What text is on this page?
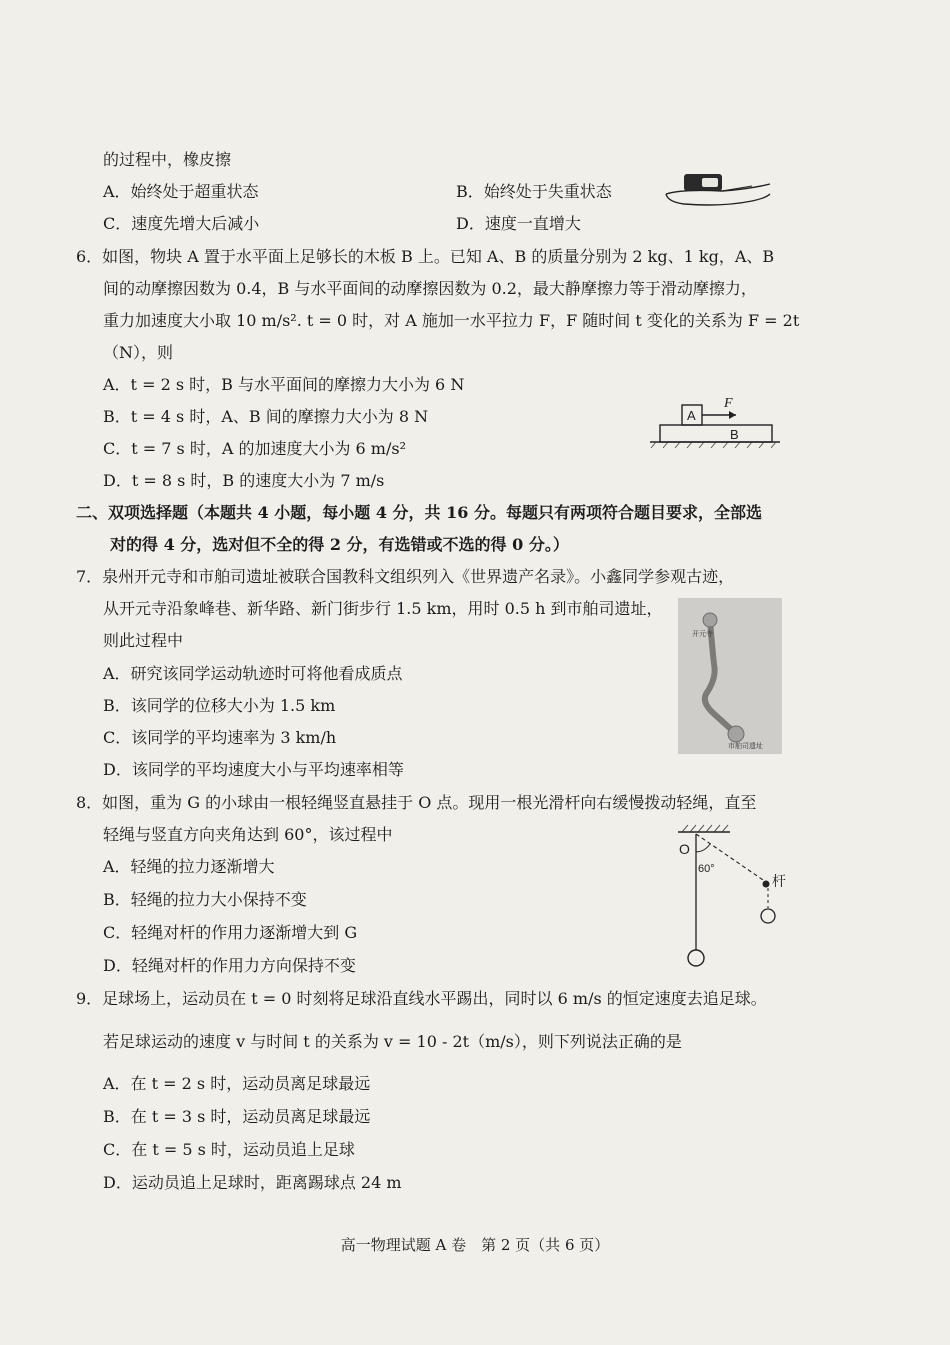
的过程中，橡皮擦
A．始终处于超重状态	B．始终处于失重状态
C．速度先增大后减小	D．速度一直增大
6．如图，物块 A 置于水平面上足够长的木板 B 上。已知 A、B 的质量分别为 2 kg、1 kg，A、B
间的动摩擦因数为 0.4，B 与水平面间的动摩擦因数为 0.2，最大静摩擦力等于滑动摩擦力，
重力加速度大小取 10 m/s². t = 0 时，对 A 施加一水平拉力 F，F 随时间 t 变化的关系为 F = 2t
（N），则
A．t = 2 s 时，B 与水平面间的摩擦力大小为 6 N
B．t = 4 s 时，A、B 间的摩擦力大小为 8 N
C．t = 7 s 时，A 的加速度大小为 6 m/s²
D．t = 8 s 时，B 的速度大小为 7 m/s
B
A
F
二、双项选择题（本题共 4 小题，每小题 4 分，共 16 分。每题只有两项符合题目要求，全部选
对的得 4 分，选对但不全的得 2 分，有选错或不选的得 0 分。）
7．泉州开元寺和市舶司遗址被联合国教科文组织列入《世界遗产名录》。小鑫同学参观古迹，
从开元寺沿象峰巷、新华路、新门街步行 1.5 km，用时 0.5 h 到市舶司遗址，
则此过程中
A．研究该同学运动轨迹时可将他看成质点
B．该同学的位移大小为 1.5 km
C．该同学的平均速率为 3 km/h
D．该同学的平均速度大小与平均速率相等
开元寺
市舶司遗址
8．如图，重为 G 的小球由一根轻绳竖直悬挂于 O 点。现用一根光滑杆向右缓慢拨动轻绳，直至
轻绳与竖直方向夹角达到 60°，该过程中
A．轻绳的拉力逐渐增大
B．轻绳的拉力大小保持不变
C．轻绳对杆的作用力逐渐增大到 G
D．轻绳对杆的作用力方向保持不变
O
60°
杆
9．足球场上，运动员在 t = 0 时刻将足球沿直线水平踢出，同时以 6 m/s 的恒定速度去追足球。
若足球运动的速度 v 与时间 t 的关系为 v = 10 - 2t（m/s），则下列说法正确的是
A．在 t = 2 s 时，运动员离足球最远
B．在 t = 3 s 时，运动员离足球最远
C．在 t = 5 s 时，运动员追上足球
D．运动员追上足球时，距离踢球点 24 m
高一物理试题 A 卷　第 2 页（共 6 页）
